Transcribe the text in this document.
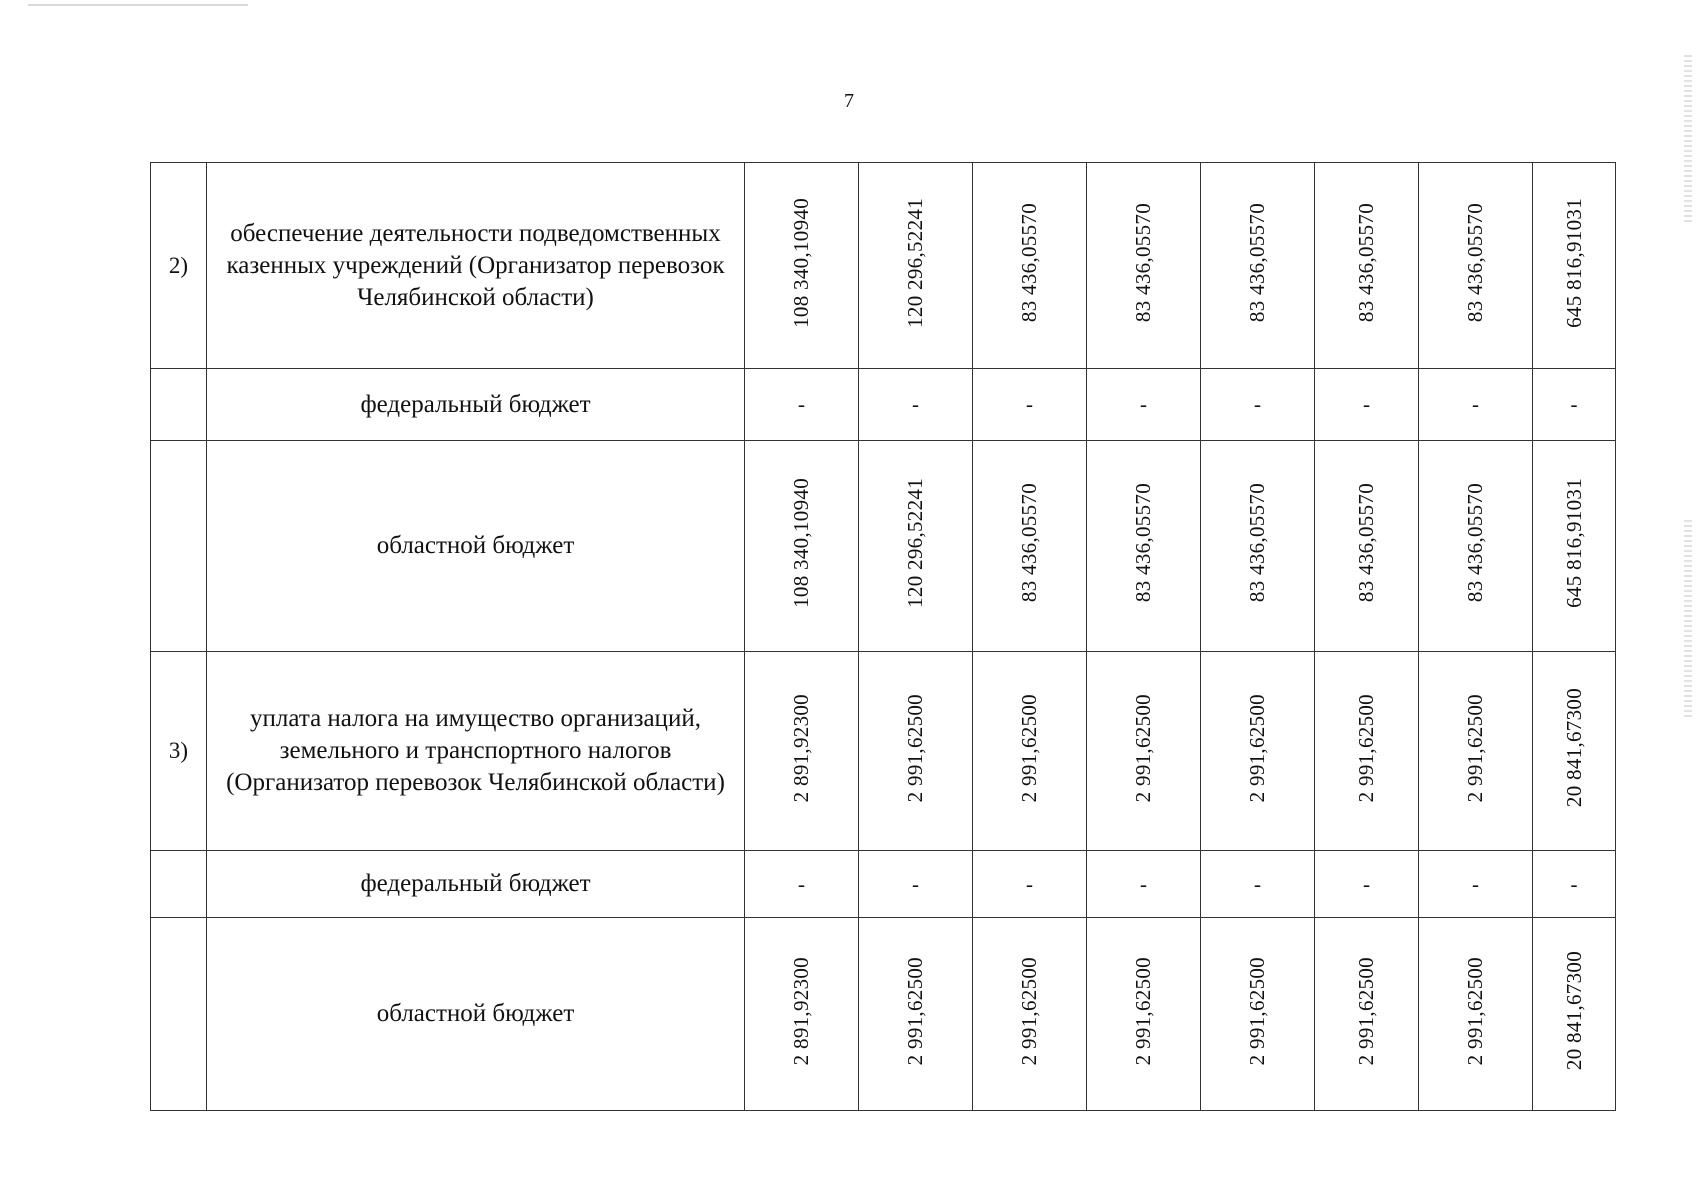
7
2)	обеспечение деятельности подведомственных казенных учреждений (Организатор перевозок Челябинской области)	108 340,10940	120 296,52241	83 436,05570	83 436,05570	83 436,05570	83 436,05570	83 436,05570	645 816,91031
	федеральный бюджет	-	-	-	-	-	-	-	-
	областной бюджет	108 340,10940	120 296,52241	83 436,05570	83 436,05570	83 436,05570	83 436,05570	83 436,05570	645 816,91031
3)	уплата налога на имущество организаций, земельного и транспортного налогов (Организатор перевозок Челябинской области)	2 891,92300	2 991,62500	2 991,62500	2 991,62500	2 991,62500	2 991,62500	2 991,62500	20 841,67300
	федеральный бюджет	-	-	-	-	-	-	-	-
	областной бюджет	2 891,92300	2 991,62500	2 991,62500	2 991,62500	2 991,62500	2 991,62500	2 991,62500	20 841,67300
